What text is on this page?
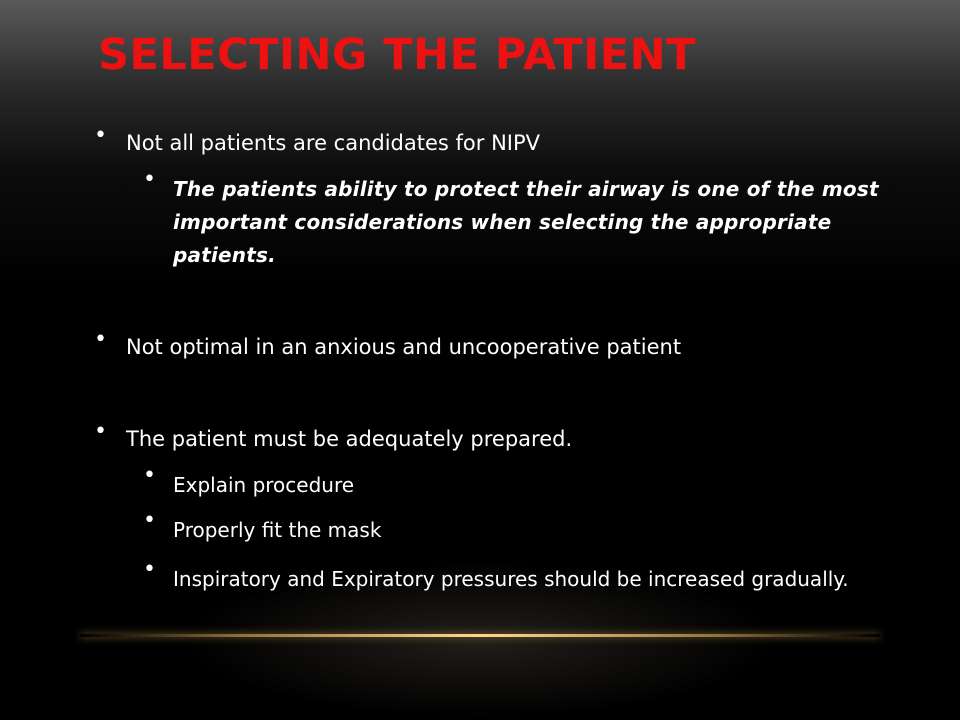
SELECTING THE PATIENT
• Not all patients are candidates for NIPV
• The patients ability to protect their airway is one of the most important considerations when selecting the appropriate patients.
• Not optimal in an anxious and uncooperative patient
• The patient must be adequately prepared.
• Explain procedure
• Properly fit the mask
• Inspiratory and Expiratory pressures should be increased gradually.
